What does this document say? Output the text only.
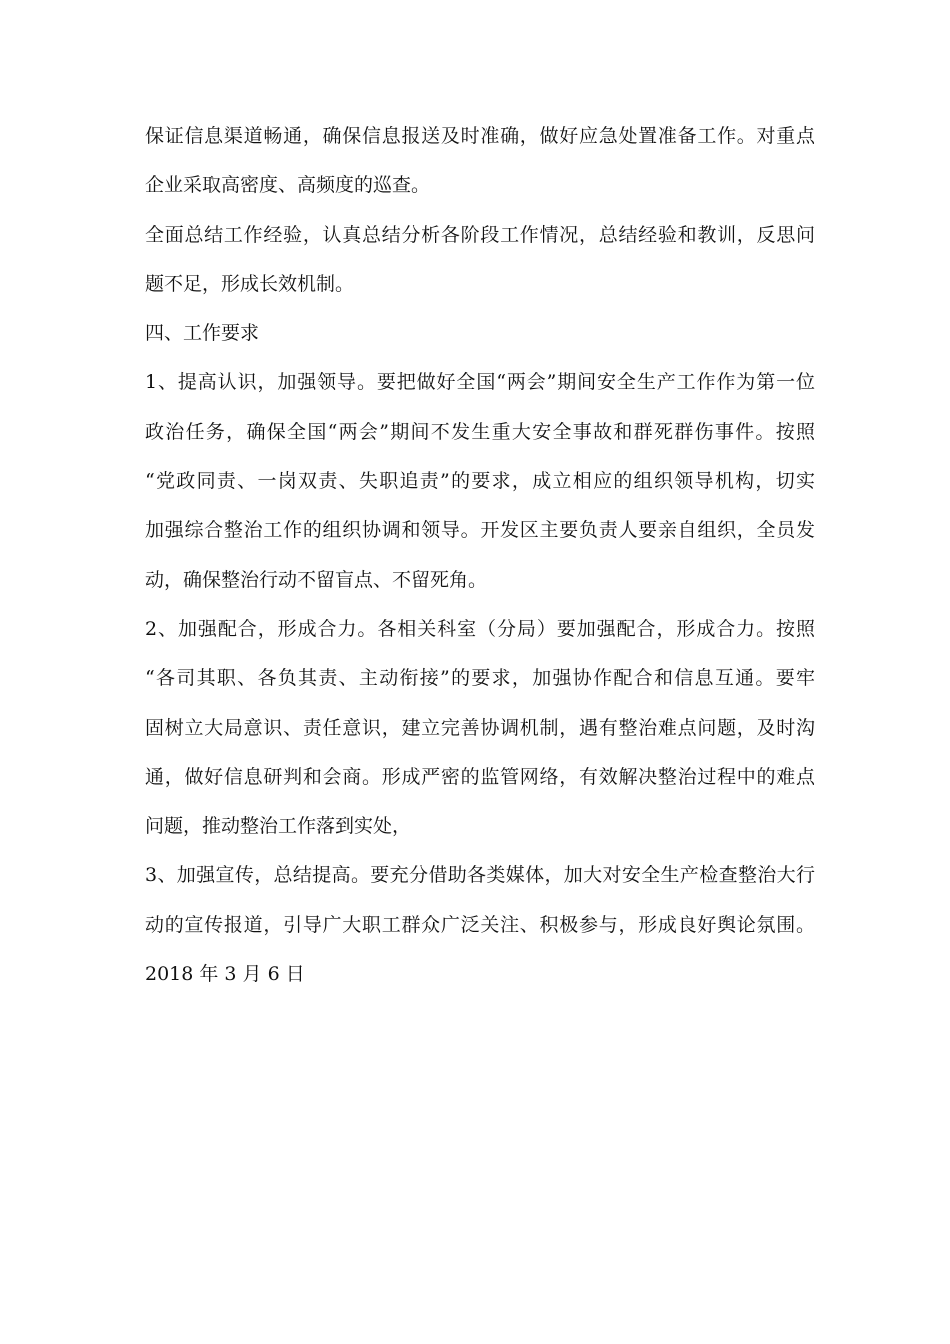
保证信息渠道畅通，确保信息报送及时准确，做好应急处置准备工作。对重点

企业采取高密度、高频度的巡查。

全面总结工作经验，认真总结分析各阶段工作情况，总结经验和教训，反思问

题不足，形成长效机制。

四、工作要求

1、提高认识，加强领导。要把做好全国“两会”期间安全生产工作作为第一位

政治任务，确保全国“两会”期间不发生重大安全事故和群死群伤事件。按照

“党政同责、一岗双责、失职追责”的要求，成立相应的组织领导机构，切实

加强综合整治工作的组织协调和领导。开发区主要负责人要亲自组织，全员发

动，确保整治行动不留盲点、不留死角。

2、加强配合，形成合力。各相关科室（分局）要加强配合，形成合力。按照

“各司其职、各负其责、主动衔接”的要求，加强协作配合和信息互通。要牢

固树立大局意识、责任意识，建立完善协调机制，遇有整治难点问题，及时沟

通，做好信息研判和会商。形成严密的监管网络，有效解决整治过程中的难点

问题，推动整治工作落到实处，

3、加强宣传，总结提高。要充分借助各类媒体，加大对安全生产检查整治大行

动的宣传报道，引导广大职工群众广泛关注、积极参与，形成良好舆论氛围。

2018 年 3 月 6 日
